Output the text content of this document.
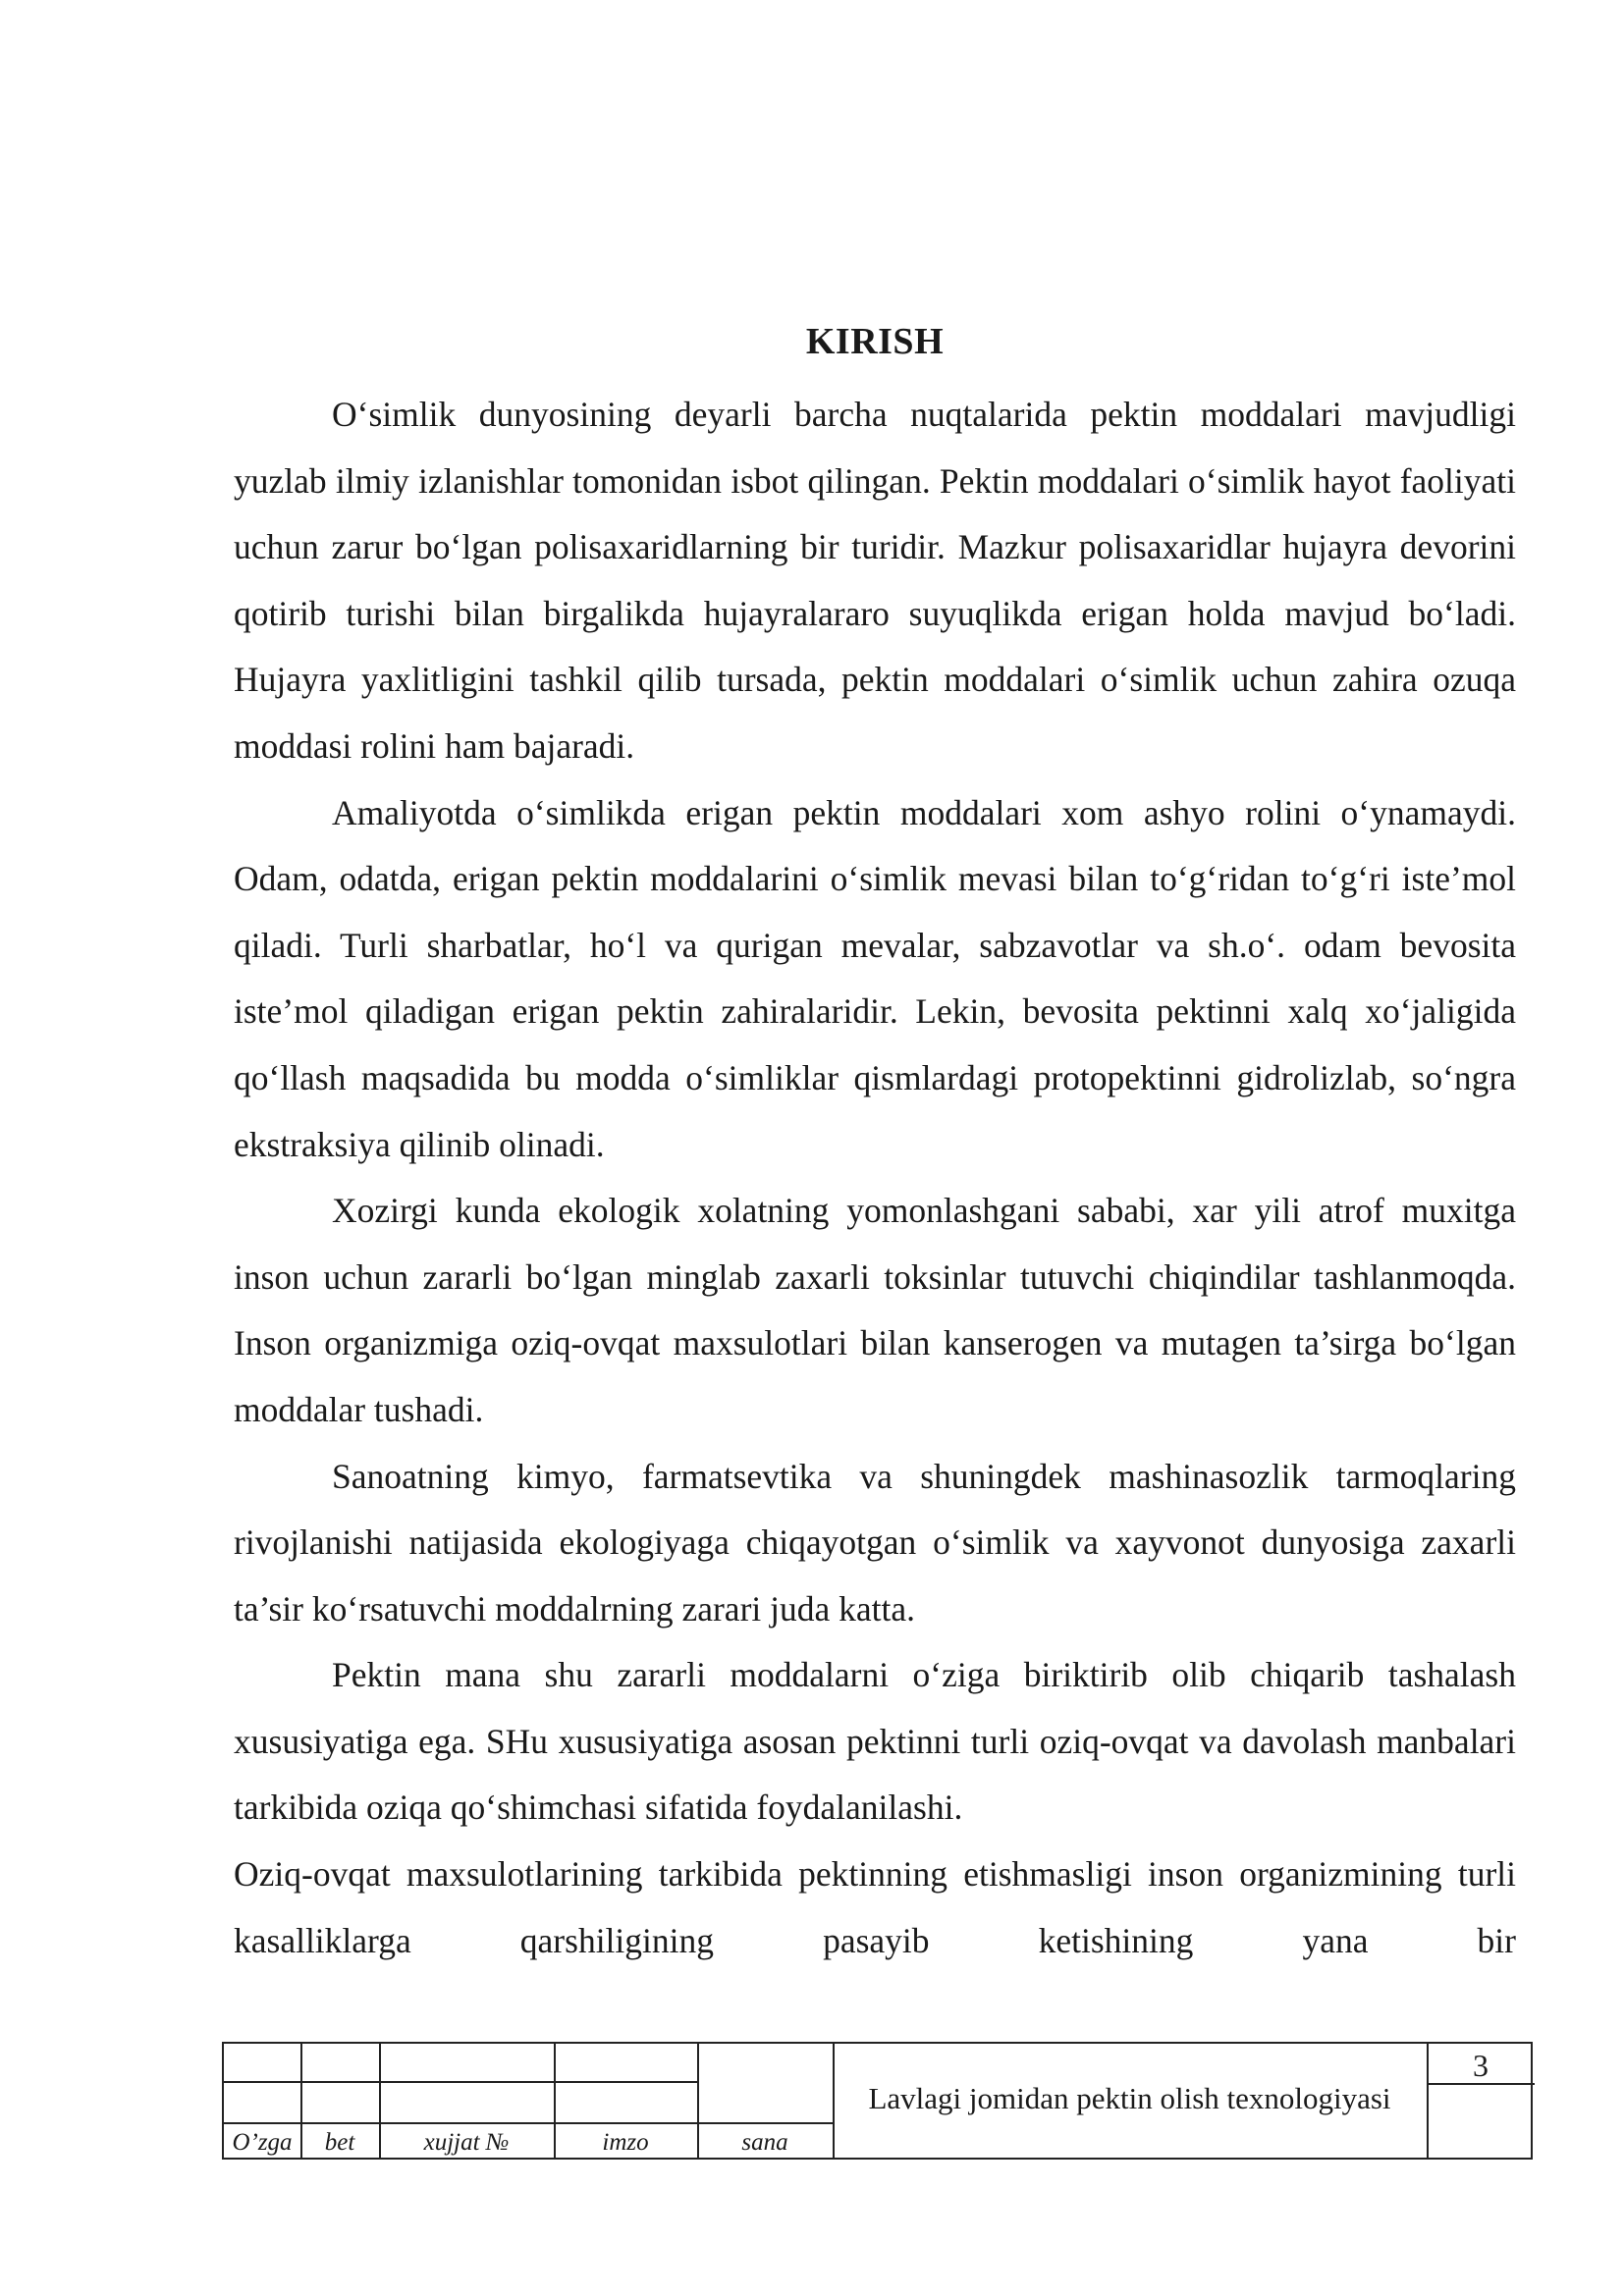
KIRISH

O‘simlik dunyosining deyarli barcha nuqtalarida pektin moddalari mavjudligi yuzlab ilmiy izlanishlar tomonidan isbot qilingan. Pektin moddalari o‘simlik hayot faoliyati uchun zarur bo‘lgan polisaxaridlarning bir turidir. Mazkur polisaxaridlar hujayra devorini qotirib turishi bilan birgalikda hujayralararo suyuqlikda erigan holda mavjud bo‘ladi. Hujayra yaxlitligini tashkil qilib tursada, pektin moddalari o‘simlik uchun zahira ozuqa moddasi rolini ham bajaradi.

Amaliyotda o‘simlikda erigan pektin moddalari xom ashyo rolini o‘ynamaydi. Odam, odatda, erigan pektin moddalarini o‘simlik mevasi bilan to‘g‘ridan to‘g‘ri iste’mol qiladi. Turli sharbatlar, ho‘l va qurigan mevalar, sabzavotlar va sh.o‘. odam bevosita iste’mol qiladigan erigan pektin zahiralaridir. Lekin, bevosita pektinni xalq xo‘jaligida qo‘llash maqsadida bu modda o‘simliklar qismlardagi protopektinni gidrolizlab, so‘ngra ekstraksiya qilinib olinadi.

Xozirgi kunda ekologik xolatning yomonlashgani sababi, xar yili atrof muxitga inson uchun zararli bo‘lgan minglab zaxarli toksinlar tutuvchi chiqindilar tashlanmoqda. Inson organizmiga oziq-ovqat maxsulotlari bilan kanserogen va mutagen ta’sirga bo‘lgan moddalar tushadi.

Sanoatning kimyo, farmatsevtika va shuningdek mashinasozlik tarmoqlaring rivojlanishi natijasida ekologiyaga chiqayotgan o‘simlik va xayvonot dunyosiga zaxarli ta’sir ko‘rsatuvchi moddalrning zarari juda katta.

Pektin mana shu zararli moddalarni o‘ziga biriktirib olib chiqarib tashalash xususiyatiga ega. SHu xususiyatiga asosan pektinni turli oziq-ovqat va davolash manbalari tarkibida oziqa qo‘shimchasi sifatida foydalanilashi.

Oziq-ovqat maxsulotlarining tarkibida pektinning etishmasligi inson organizmining turli kasalliklarga qarshiligining pasayib ketishining yana bir

O’zga	bet	xujjat №	imzo	sana
Lavlagi jomidan pektin olish texnologiyasi
3
